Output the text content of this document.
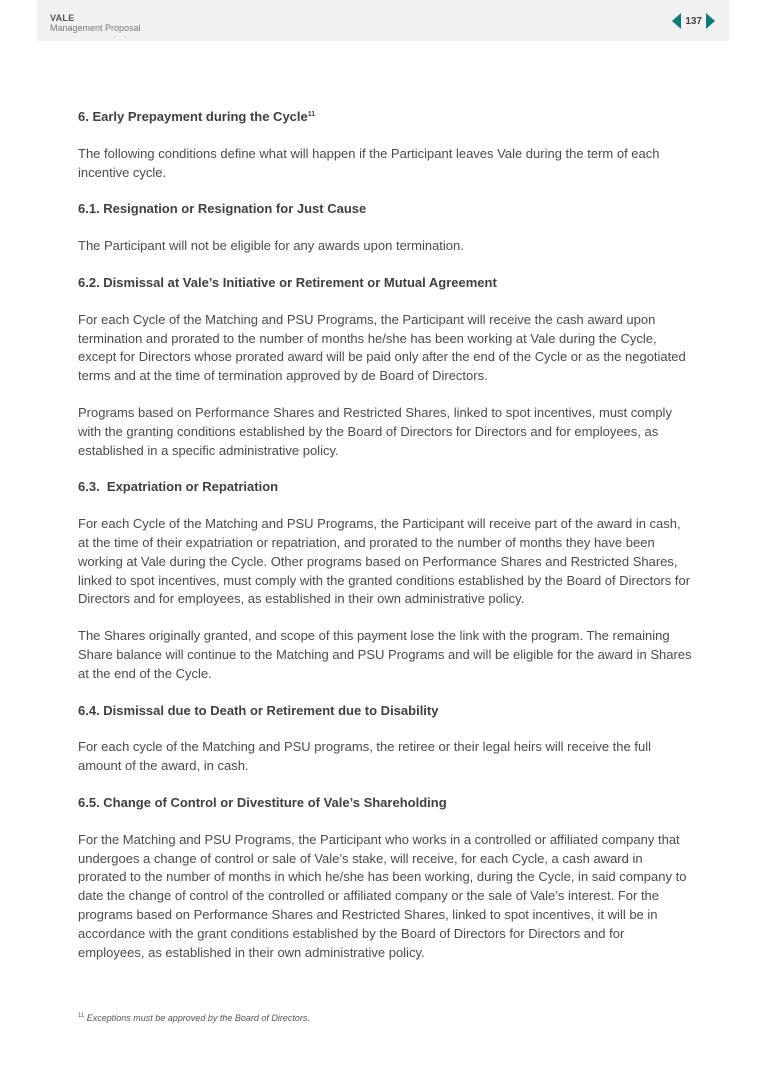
VALE
Management Proposal
137
6. Early Prepayment during the Cycle$^{11}$

The following conditions define what will happen if the Participant leaves Vale during the term of each incentive cycle.

6.1. Resignation or Resignation for Just Cause

The Participant will not be eligible for any awards upon termination.

6.2. Dismissal at Vale’s Initiative or Retirement or Mutual Agreement

For each Cycle of the Matching and PSU Programs, the Participant will receive the cash award upon termination and prorated to the number of months he/she has been working at Vale during the Cycle, except for Directors whose prorated award will be paid only after the end of the Cycle or as the negotiated terms and at the time of termination approved by de Board of Directors.

Programs based on Performance Shares and Restricted Shares, linked to spot incentives, must comply with the granting conditions established by the Board of Directors for Directors and for employees, as established in a specific administrative policy.

6.3.  Expatriation or Repatriation

For each Cycle of the Matching and PSU Programs, the Participant will receive part of the award in cash, at the time of their expatriation or repatriation, and prorated to the number of months they have been working at Vale during the Cycle. Other programs based on Performance Shares and Restricted Shares, linked to spot incentives, must comply with the granted conditions established by the Board of Directors for Directors and for employees, as established in their own administrative policy.

The Shares originally granted, and scope of this payment lose the link with the program. The remaining Share balance will continue to the Matching and PSU Programs and will be eligible for the award in Shares at the end of the Cycle.

6.4. Dismissal due to Death or Retirement due to Disability

For each cycle of the Matching and PSU programs, the retiree or their legal heirs will receive the full amount of the award, in cash.

6.5. Change of Control or Divestiture of Vale’s Shareholding

For the Matching and PSU Programs, the Participant who works in a controlled or affiliated company that undergoes a change of control or sale of Vale’s stake, will receive, for each Cycle, a cash award in prorated to the number of months in which he/she has been working, during the Cycle, in said company to date the change of control of the controlled or affiliated company or the sale of Vale’s interest. For the programs based on Performance Shares and Restricted Shares, linked to spot incentives, it will be in accordance with the grant conditions established by the Board of Directors for Directors and for employees, as established in their own administrative policy.

$^{11}$ Exceptions must be approved by the Board of Directors.
